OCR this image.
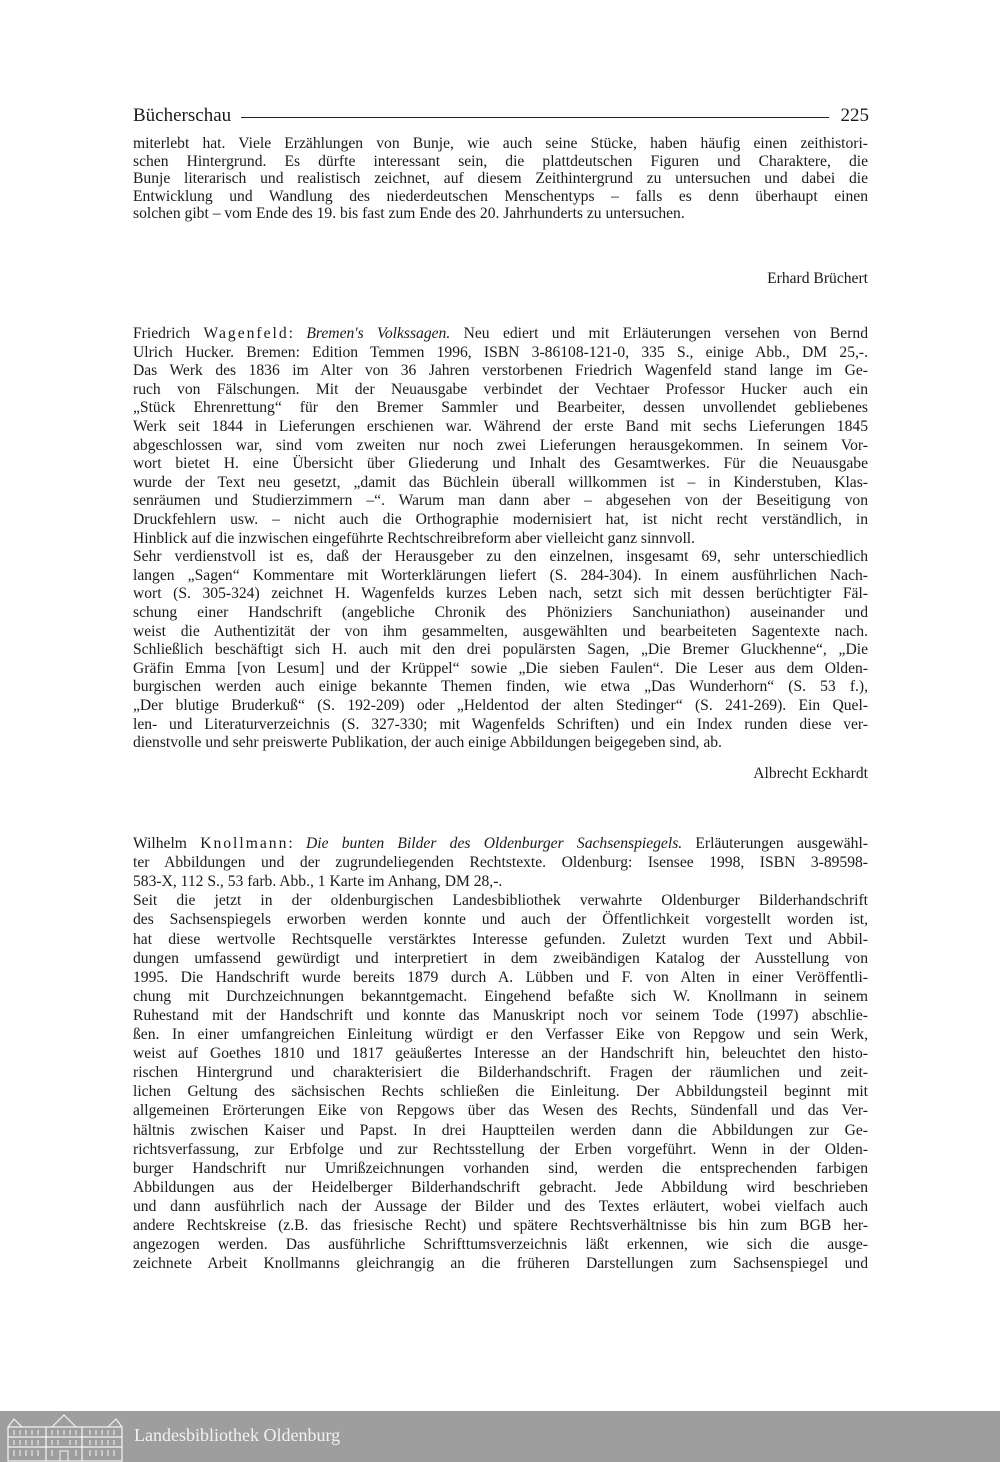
Bücherschau	225
miterlebt hat. Viele Erzählungen von Bunje, wie auch seine Stücke, haben häufig einen zeithistori-
schen Hintergrund. Es dürfte interessant sein, die plattdeutschen Figuren und Charaktere, die
Bunje literarisch und realistisch zeichnet, auf diesem Zeithintergrund zu untersuchen und dabei die
Entwicklung und Wandlung des niederdeutschen Menschentyps – falls es denn überhaupt einen
solchen gibt – vom Ende des 19. bis fast zum Ende des 20. Jahrhunderts zu untersuchen.
Erhard Brüchert
Friedrich Wagenfeld: Bremen's Volkssagen. Neu ediert und mit Erläuterungen versehen von Bernd
Ulrich Hucker. Bremen: Edition Temmen 1996, ISBN 3-86108-121-0, 335 S., einige Abb., DM 25,-.
Das Werk des 1836 im Alter von 36 Jahren verstorbenen Friedrich Wagenfeld stand lange im Ge-
ruch von Fälschungen. Mit der Neuausgabe verbindet der Vechtaer Professor Hucker auch ein
„Stück Ehrenrettung“ für den Bremer Sammler und Bearbeiter, dessen unvollendet gebliebenes
Werk seit 1844 in Lieferungen erschienen war. Während der erste Band mit sechs Lieferungen 1845
abgeschlossen war, sind vom zweiten nur noch zwei Lieferungen herausgekommen. In seinem Vor-
wort bietet H. eine Übersicht über Gliederung und Inhalt des Gesamtwerkes. Für die Neuausgabe
wurde der Text neu gesetzt, „damit das Büchlein überall willkommen ist – in Kinderstuben, Klas-
senräumen und Studierzimmern –“. Warum man dann aber – abgesehen von der Beseitigung von
Druckfehlern usw. – nicht auch die Orthographie modernisiert hat, ist nicht recht verständlich, in
Hinblick auf die inzwischen eingeführte Rechtschreibreform aber vielleicht ganz sinnvoll.
Sehr verdienstvoll ist es, daß der Herausgeber zu den einzelnen, insgesamt 69, sehr unterschiedlich
langen „Sagen“ Kommentare mit Worterklärungen liefert (S. 284-304). In einem ausführlichen Nach-
wort (S. 305-324) zeichnet H. Wagenfelds kurzes Leben nach, setzt sich mit dessen berüchtigter Fäl-
schung einer Handschrift (angebliche Chronik des Phöniziers Sanchuniathon) auseinander und
weist die Authentizität der von ihm gesammelten, ausgewählten und bearbeiteten Sagentexte nach.
Schließlich beschäftigt sich H. auch mit den drei populärsten Sagen, „Die Bremer Gluckhenne“, „Die
Gräfin Emma [von Lesum] und der Krüppel“ sowie „Die sieben Faulen“. Die Leser aus dem Olden-
burgischen werden auch einige bekannte Themen finden, wie etwa „Das Wunderhorn“ (S. 53 f.),
„Der blutige Bruderkuß“ (S. 192-209) oder „Heldentod der alten Stedinger“ (S. 241-269). Ein Quel-
len- und Literaturverzeichnis (S. 327-330; mit Wagenfelds Schriften) und ein Index runden diese ver-
dienstvolle und sehr preiswerte Publikation, der auch einige Abbildungen beigegeben sind, ab.
Albrecht Eckhardt
Wilhelm Knollmann: Die bunten Bilder des Oldenburger Sachsenspiegels. Erläuterungen ausgewähl-
ter Abbildungen und der zugrundeliegenden Rechtstexte. Oldenburg: Isensee 1998, ISBN 3-89598-
583-X, 112 S., 53 farb. Abb., 1 Karte im Anhang, DM 28,-.
Seit die jetzt in der oldenburgischen Landesbibliothek verwahrte Oldenburger Bilderhandschrift
des Sachsenspiegels erworben werden konnte und auch der Öffentlichkeit vorgestellt worden ist,
hat diese wertvolle Rechtsquelle verstärktes Interesse gefunden. Zuletzt wurden Text und Abbil-
dungen umfassend gewürdigt und interpretiert in dem zweibändigen Katalog der Ausstellung von
1995. Die Handschrift wurde bereits 1879 durch A. Lübben und F. von Alten in einer Veröffentli-
chung mit Durchzeichnungen bekanntgemacht. Eingehend befaßte sich W. Knollmann in seinem
Ruhestand mit der Handschrift und konnte das Manuskript noch vor seinem Tode (1997) abschlie-
ßen. In einer umfangreichen Einleitung würdigt er den Verfasser Eike von Repgow und sein Werk,
weist auf Goethes 1810 und 1817 geäußertes Interesse an der Handschrift hin, beleuchtet den histo-
rischen Hintergrund und charakterisiert die Bilderhandschrift. Fragen der räumlichen und zeit-
lichen Geltung des sächsischen Rechts schließen die Einleitung. Der Abbildungsteil beginnt mit
allgemeinen Erörterungen Eike von Repgows über das Wesen des Rechts, Sündenfall und das Ver-
hältnis zwischen Kaiser und Papst. In drei Hauptteilen werden dann die Abbildungen zur Ge-
richtsverfassung, zur Erbfolge und zur Rechtsstellung der Erben vorgeführt. Wenn in der Olden-
burger Handschrift nur Umrißzeichnungen vorhanden sind, werden die entsprechenden farbigen
Abbildungen aus der Heidelberger Bilderhandschrift gebracht. Jede Abbildung wird beschrieben
und dann ausführlich nach der Aussage der Bilder und des Textes erläutert, wobei vielfach auch
andere Rechtskreise (z.B. das friesische Recht) und spätere Rechtsverhältnisse bis hin zum BGB her-
angezogen werden. Das ausführliche Schrifttumsverzeichnis läßt erkennen, wie sich die ausge-
zeichnete Arbeit Knollmanns gleichrangig an die früheren Darstellungen zum Sachsenspiegel und
Landesbibliothek Oldenburg
